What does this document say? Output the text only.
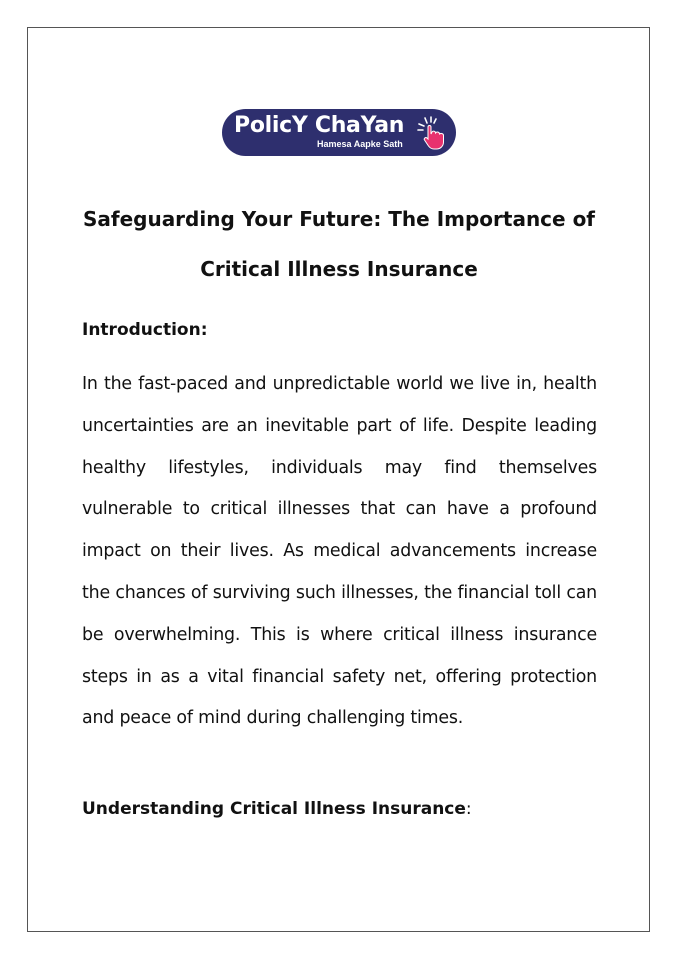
PolicY ChaYan
Hamesa Aapke Sath
Safeguarding Your Future: The Importance of
Critical Illness Insurance
Introduction:

In the fast-paced and unpredictable world we live in, health uncertainties are an inevitable part of life. Despite leading healthy lifestyles, individuals may find themselves vulnerable to critical illnesses that can have a profound impact on their lives. As medical advancements increase the chances of surviving such illnesses, the financial toll can be overwhelming. This is where critical illness insurance steps in as a vital financial safety net, offering protection and peace of mind during challenging times.

Understanding Critical Illness Insurance:
